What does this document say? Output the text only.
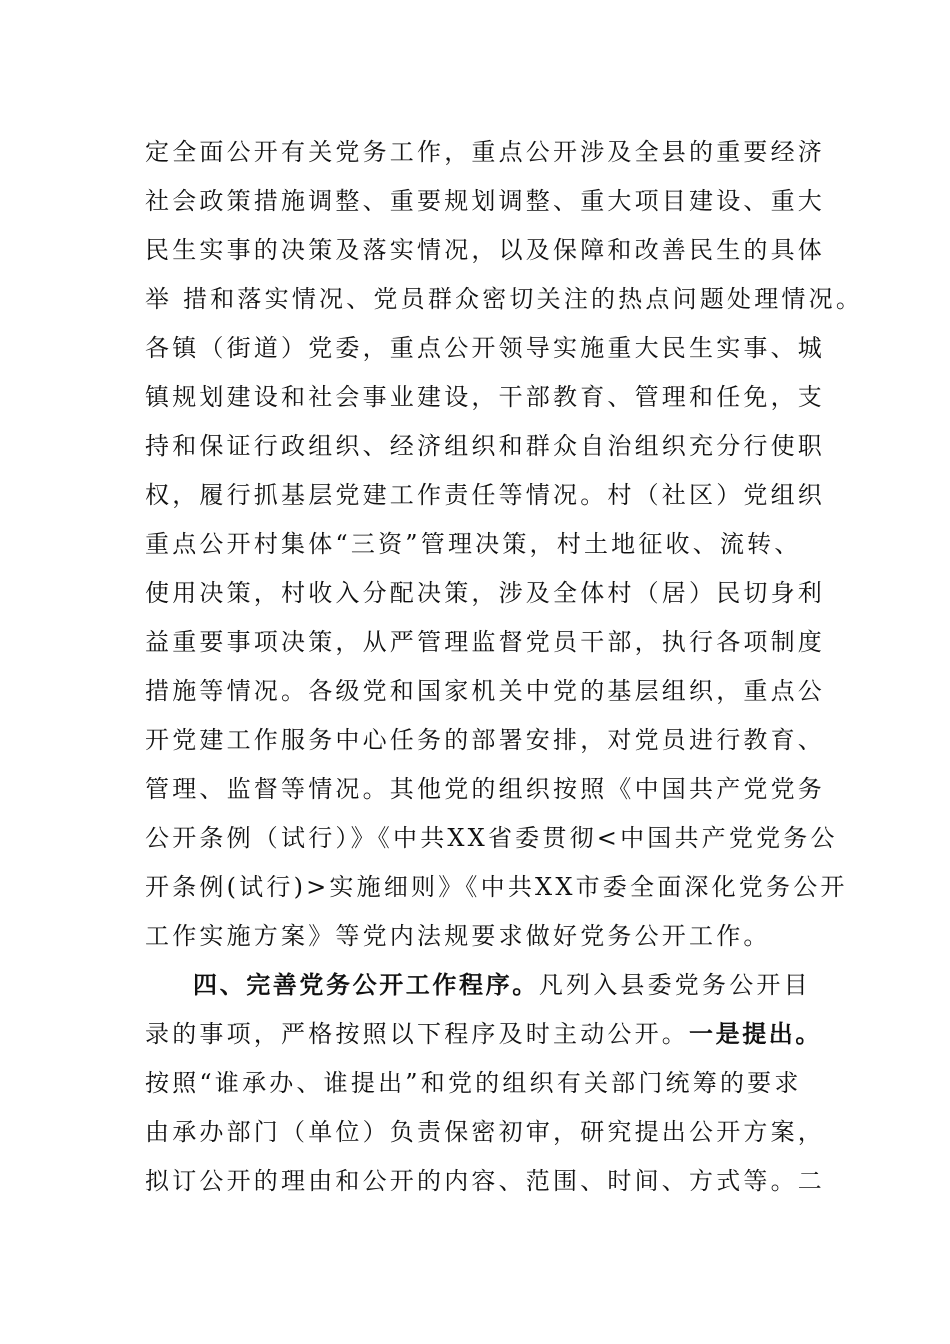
定全面公开有关党务工作，重点公开涉及全县的重要经济
社会政策措施调整、重要规划调整、重大项目建设、重大
民生实事的决策及落实情况，以及保障和改善民生的具体
举 措和落实情况、党员群众密切关注的热点问题处理情况。
各镇（街道）党委，重点公开领导实施重大民生实事、城
镇规划建设和社会事业建设，干部教育、管理和任免，支
持和保证行政组织、经济组织和群众自治组织充分行使职
权，履行抓基层党建工作责任等情况。村（社区）党组织
重点公开村集体“三资”管理决策，村土地征收、流转、
使用决策，村收入分配决策，涉及全体村（居）民切身利
益重要事项决策，从严管理监督党员干部，执行各项制度
措施等情况。各级党和国家机关中党的基层组织，重点公
开党建工作服务中心任务的部署安排，对党员进行教育、
管理、监督等情况。其他党的组织按照《中国共产党党务
公开条例（试行）》《中共XX省委贯彻<中国共产党党务公
开条例(试行)>实施细则》《中共XX市委全面深化党务公开
工作实施方案》等党内法规要求做好党务公开工作。
四、完善党务公开工作程序。凡列入县委党务公开目
录的事项，严格按照以下程序及时主动公开。一是提出。
按照“谁承办、谁提出”和党的组织有关部门统筹的要求
由承办部门（单位）负责保密初审，研究提出公开方案，
拟订公开的理由和公开的内容、范围、时间、方式等。二
